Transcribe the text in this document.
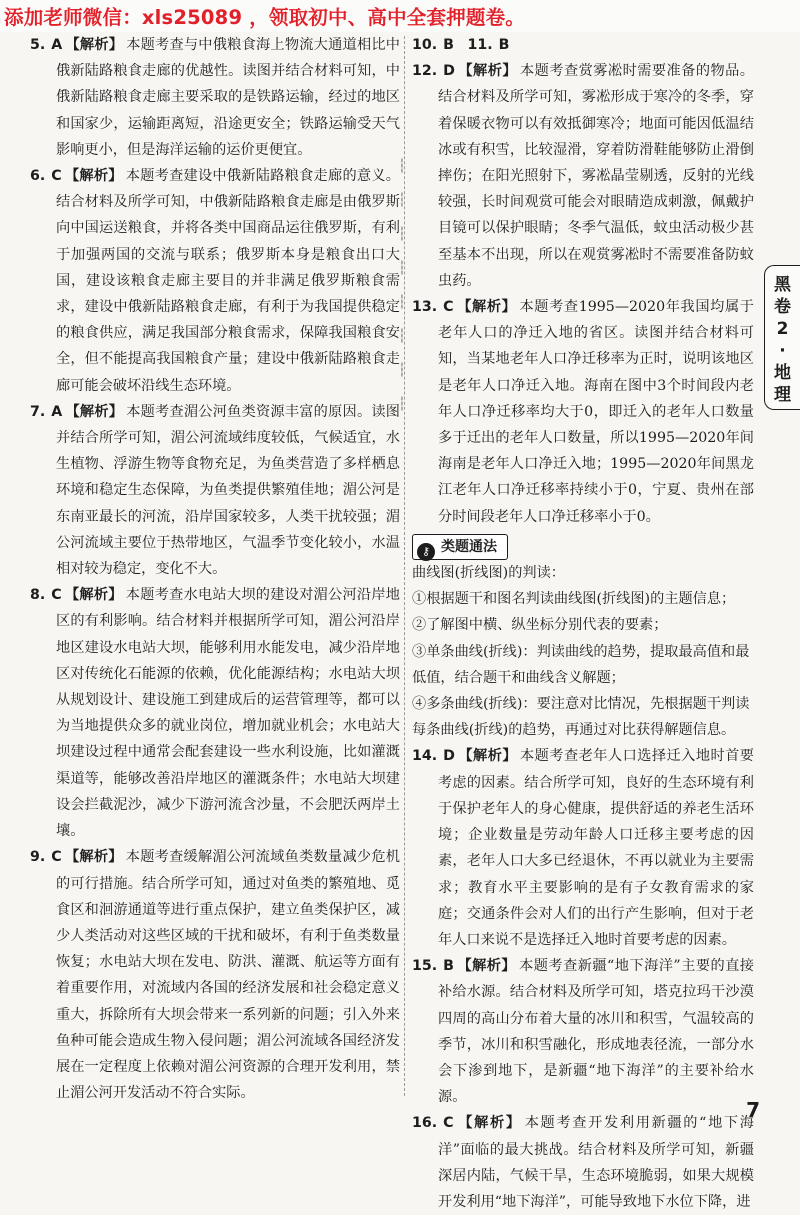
添加老师微信：xls25089 ，领取初中、高中全套押题卷。
┆
┆
┆
┆
┆
┆
┆
┆

5. A 【解析】 本题考查与中俄粮食海上物流大通道相比中俄新陆路粮食走廊的优越性。读图并结合材料可知，中俄新陆路粮食走廊主要采取的是铁路运输，经过的地区和国家少，运输距离短，沿途更安全；铁路运输受天气影响更小，但是海洋运输的运价更便宜。

6. C 【解析】 本题考查建设中俄新陆路粮食走廊的意义。结合材料及所学可知，中俄新陆路粮食走廊是由俄罗斯向中国运送粮食，并将各类中国商品运往俄罗斯，有利于加强两国的交流与联系；俄罗斯本身是粮食出口大国，建设该粮食走廊主要目的并非满足俄罗斯粮食需求，建设中俄新陆路粮食走廊，有利于为我国提供稳定的粮食供应，满足我国部分粮食需求，保障我国粮食安全，但不能提高我国粮食产量；建设中俄新陆路粮食走廊可能会破坏沿线生态环境。

7. A 【解析】 本题考查湄公河鱼类资源丰富的原因。读图并结合所学可知，湄公河流域纬度较低，气候适宜，水生植物、浮游生物等食物充足，为鱼类营造了多样栖息环境和稳定生态保障，为鱼类提供繁殖佳地；湄公河是东南亚最长的河流，沿岸国家较多，人类干扰较强；湄公河流域主要位于热带地区，气温季节变化较小，水温相对较为稳定，变化不大。

8. C 【解析】 本题考查水电站大坝的建设对湄公河沿岸地区的有利影响。结合材料并根据所学可知，湄公河沿岸地区建设水电站大坝，能够利用水能发电，减少沿岸地区对传统化石能源的依赖，优化能源结构；水电站大坝从规划设计、建设施工到建成后的运营管理等，都可以为当地提供众多的就业岗位，增加就业机会；水电站大坝建设过程中通常会配套建设一些水利设施，比如灌溉渠道等，能够改善沿岸地区的灌溉条件；水电站大坝建设会拦截泥沙，减少下游河流含沙量，不会肥沃两岸土壤。

9. C 【解析】 本题考查缓解湄公河流域鱼类数量减少危机的可行措施。结合所学可知，通过对鱼类的繁殖地、觅食区和洄游通道等进行重点保护，建立鱼类保护区，减少人类活动对这些区域的干扰和破坏，有利于鱼类数量恢复；水电站大坝在发电、防洪、灌溉、航运等方面有着重要作用，对流域内各国的经济发展和社会稳定意义重大，拆除所有大坝会带来一系列新的问题；引入外来鱼种可能会造成生物入侵问题；湄公河流域各国经济发展在一定程度上依赖对湄公河资源的合理开发利用，禁止湄公河开发活动不符合实际。

10. B 11. B

12. D 【解析】 本题考查赏雾凇时需要准备的物品。结合材料及所学可知，雾凇形成于寒冷的冬季，穿着保暖衣物可以有效抵御寒冷；地面可能因低温结冰或有积雪，比较湿滑，穿着防滑鞋能够防止滑倒摔伤；在阳光照射下，雾凇晶莹剔透，反射的光线较强，长时间观赏可能会对眼睛造成刺激，佩戴护目镜可以保护眼睛；冬季气温低，蚊虫活动极少甚至基本不出现，所以在观赏雾凇时不需要准备防蚊虫药。

13. C 【解析】 本题考查1995—2020年我国均属于老年人口的净迁入地的省区。读图并结合材料可知，当某地老年人口净迁移率为正时，说明该地区是老年人口净迁入地。海南在图中3个时间段内老年人口净迁移率均大于0，即迁入的老年人口数量多于迁出的老年人口数量，所以1995—2020年间海南是老年人口净迁入地；1995—2020年间黑龙江老年人口净迁移率持续小于0，宁夏、贵州在部分时间段老年人口净迁移率小于0。

⚷ 类题通法
曲线图(折线图)的判读：
①根据题干和图名判读曲线图(折线图)的主题信息；
②了解图中横、纵坐标分别代表的要素；
③单条曲线(折线)：判读曲线的趋势，提取最高值和最低值，结合题干和曲线含义解题；
④多条曲线(折线)：要注意对比情况，先根据题干判读每条曲线(折线)的趋势，再通过对比获得解题信息。

14. D 【解析】 本题考查老年人口选择迁入地时首要考虑的因素。结合所学可知，良好的生态环境有利于保护老年人的身心健康，提供舒适的养老生活环境；企业数量是劳动年龄人口迁移主要考虑的因素，老年人口大多已经退休，不再以就业为主要需求；教育水平主要影响的是有子女教育需求的家庭；交通条件会对人们的出行产生影响，但对于老年人口来说不是选择迁入地时首要考虑的因素。

15. B 【解析】 本题考查新疆“地下海洋”主要的直接补给水源。结合材料及所学可知，塔克拉玛干沙漠四周的高山分布着大量的冰川和积雪，气温较高的季节，冰川和积雪融化，形成地表径流，一部分水会下渗到地下，是新疆“地下海洋”的主要补给水源。

16. C 【解析】 本题考查开发利用新疆的“地下海洋”面临的最大挑战。结合材料及所学可知，新疆深居内陆，气候干旱，生态环境脆弱，如果大规模开发利用“地下海洋”，可能导致地下水位下降，进

黑
卷
2
·
地
理
7
